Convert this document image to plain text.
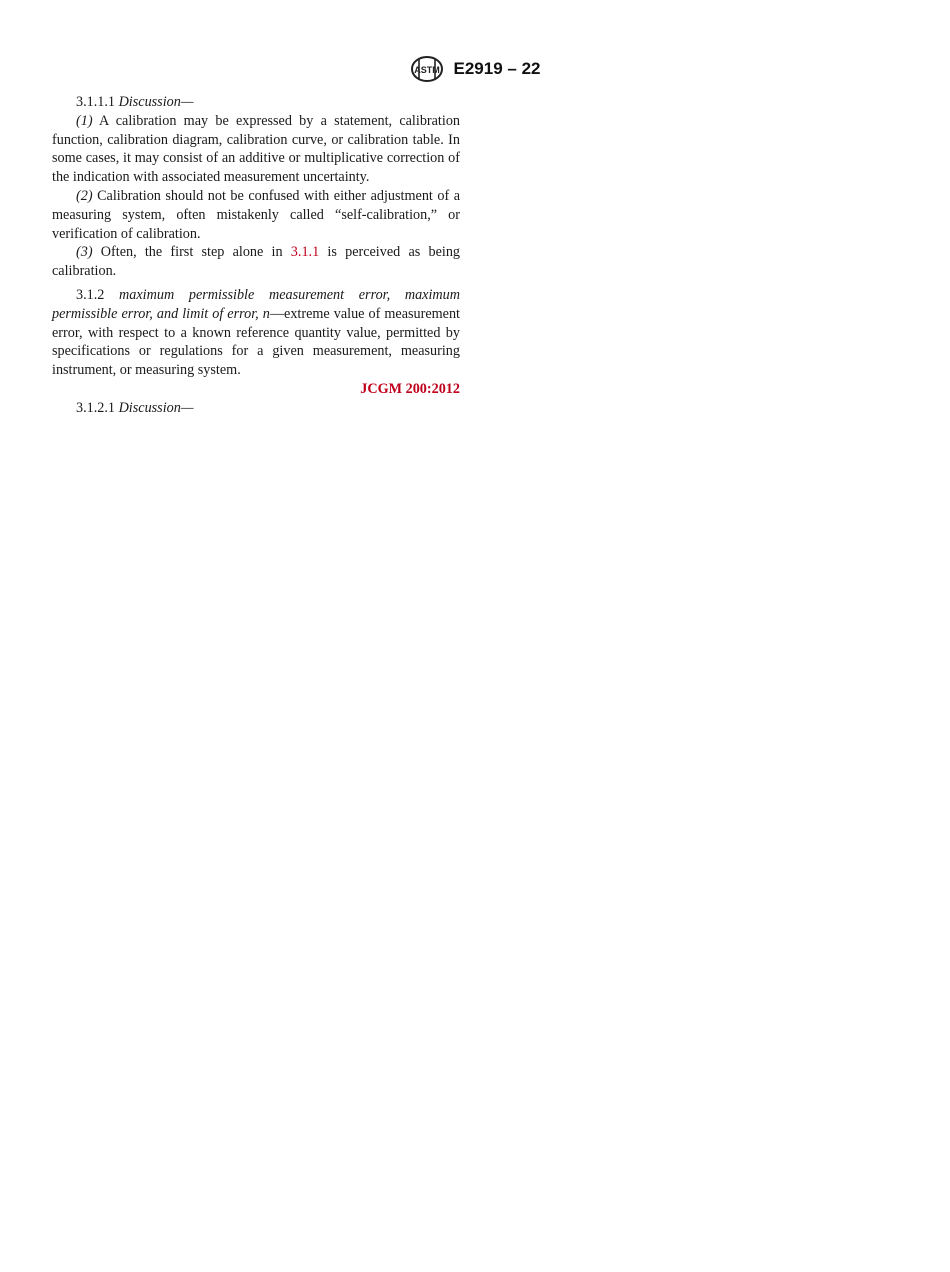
ASTM E2919 – 22

3.1.1.1 Discussion—

(1) A calibration may be expressed by a statement, calibration function, calibration diagram, calibration curve, or calibration table. In some cases, it may consist of an additive or multiplicative correction of the indication with associated measurement uncertainty.

(2) Calibration should not be confused with either adjustment of a measuring system, often mistakenly called “self-calibration,” or verification of calibration.

(3) Often, the first step alone in 3.1.1 is perceived as being calibration.

3.1.2 maximum permissible measurement error, maximum permissible error, and limit of error, n—extreme value of measurement error, with respect to a known reference quantity value, permitted by specifications or regulations for a given measurement, measuring instrument, or measuring system.
JCGM 200:2012

3.1.2.1 Discussion—
